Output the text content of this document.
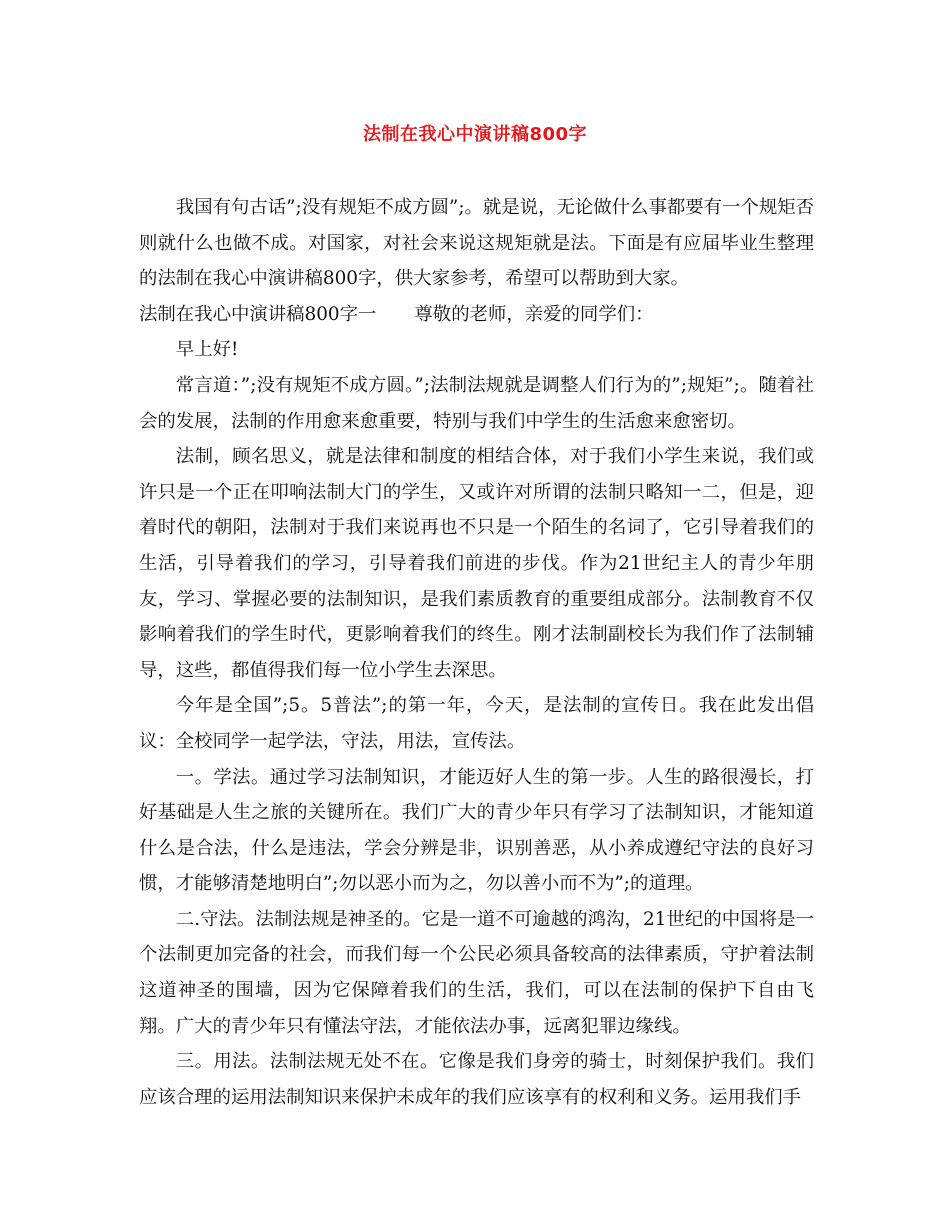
法制在我心中演讲稿800字

我国有句古话”;没有规矩不成方圆”;。就是说，无论做什么事都要有一个规矩否则就什么也做不成。对国家，对社会来说这规矩就是法。下面是有应届毕业生整理的法制在我心中演讲稿800字，供大家参考，希望可以帮助到大家。

法制在我心中演讲稿800字一 尊敬的老师，亲爱的同学们：

早上好!

常言道：”;没有规矩不成方圆。”;法制法规就是调整人们行为的”;规矩”;。随着社会的发展，法制的作用愈来愈重要，特别与我们中学生的生活愈来愈密切。

法制，顾名思义，就是法律和制度的相结合体，对于我们小学生来说，我们或许只是一个正在叩响法制大门的学生，又或许对所谓的法制只略知一二，但是，迎着时代的朝阳，法制对于我们来说再也不只是一个陌生的名词了，它引导着我们的生活，引导着我们的学习，引导着我们前进的步伐。作为21世纪主人的青少年朋友，学习、掌握必要的法制知识，是我们素质教育的重要组成部分。法制教育不仅影响着我们的学生时代，更影响着我们的终生。刚才法制副校长为我们作了法制辅导，这些，都值得我们每一位小学生去深思。

今年是全国”;5。5普法”;的第一年，今天，是法制的宣传日。我在此发出倡议：全校同学一起学法，守法，用法，宣传法。

一。学法。通过学习法制知识，才能迈好人生的第一步。人生的路很漫长，打好基础是人生之旅的关键所在。我们广大的青少年只有学习了法制知识，才能知道什么是合法，什么是违法，学会分辨是非，识别善恶，从小养成遵纪守法的良好习惯，才能够清楚地明白”;勿以恶小而为之，勿以善小而不为”;的道理。

二.守法。法制法规是神圣的。它是一道不可逾越的鸿沟，21世纪的中国将是一个法制更加完备的社会，而我们每一个公民必须具备较高的法律素质，守护着法制这道神圣的围墙，因为它保障着我们的生活，我们，可以在法制的保护下自由飞翔。广大的青少年只有懂法守法，才能依法办事，远离犯罪边缘线。

三。用法。法制法规无处不在。它像是我们身旁的骑士，时刻保护我们。我们应该合理的运用法制知识来保护未成年的我们应该享有的权利和义务。运用我们手
